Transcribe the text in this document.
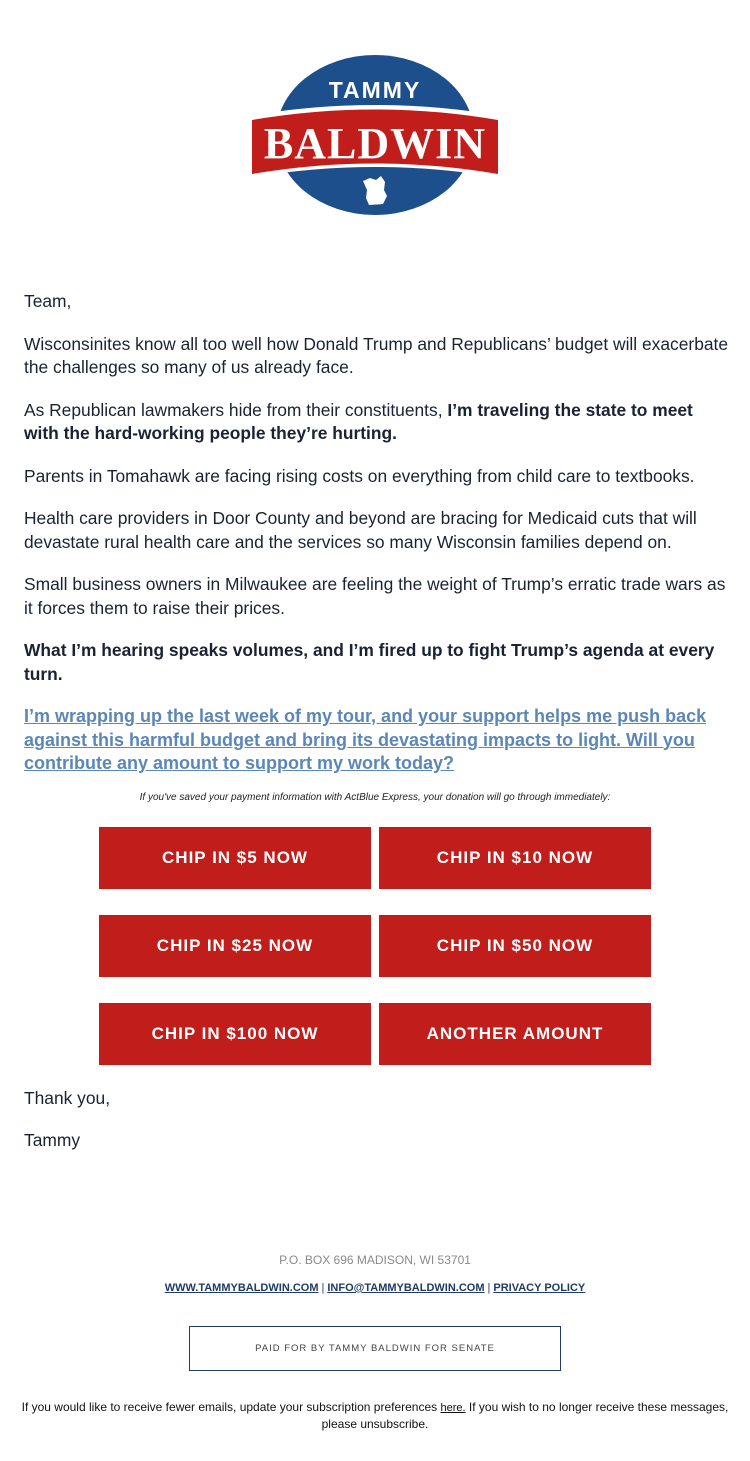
TAMMY
BALDWIN

Team,

Wisconsinites know all too well how Donald Trump and Republicans’ budget will exacerbate the challenges so many of us already face.

As Republican lawmakers hide from their constituents, I’m traveling the state to meet with the hard-working people they’re hurting.

Parents in Tomahawk are facing rising costs on everything from child care to textbooks.

Health care providers in Door County and beyond are bracing for Medicaid cuts that will devastate rural health care and the services so many Wisconsin families depend on.

Small business owners in Milwaukee are feeling the weight of Trump’s erratic trade wars as it forces them to raise their prices.

What I’m hearing speaks volumes, and I’m fired up to fight Trump’s agenda at every turn.

I’m wrapping up the last week of my tour, and your support helps me push back against this harmful budget and bring its devastating impacts to light. Will you contribute any amount to support my work today?

If you've saved your payment information with ActBlue Express, your donation will go through immediately:
CHIP IN $5 NOW	CHIP IN $10 NOW
CHIP IN $25 NOW	CHIP IN $50 NOW
CHIP IN $100 NOW	ANOTHER AMOUNT
Thank you,
Tammy
P.O. BOX 696 MADISON, WI 53701
WWW.TAMMYBALDWIN.COM | INFO@TAMMYBALDWIN.COM | PRIVACY POLICY
PAID FOR BY TAMMY BALDWIN FOR SENATE
If you would like to receive fewer emails, update your subscription preferences here. If you wish to no longer receive these messages, please unsubscribe.
